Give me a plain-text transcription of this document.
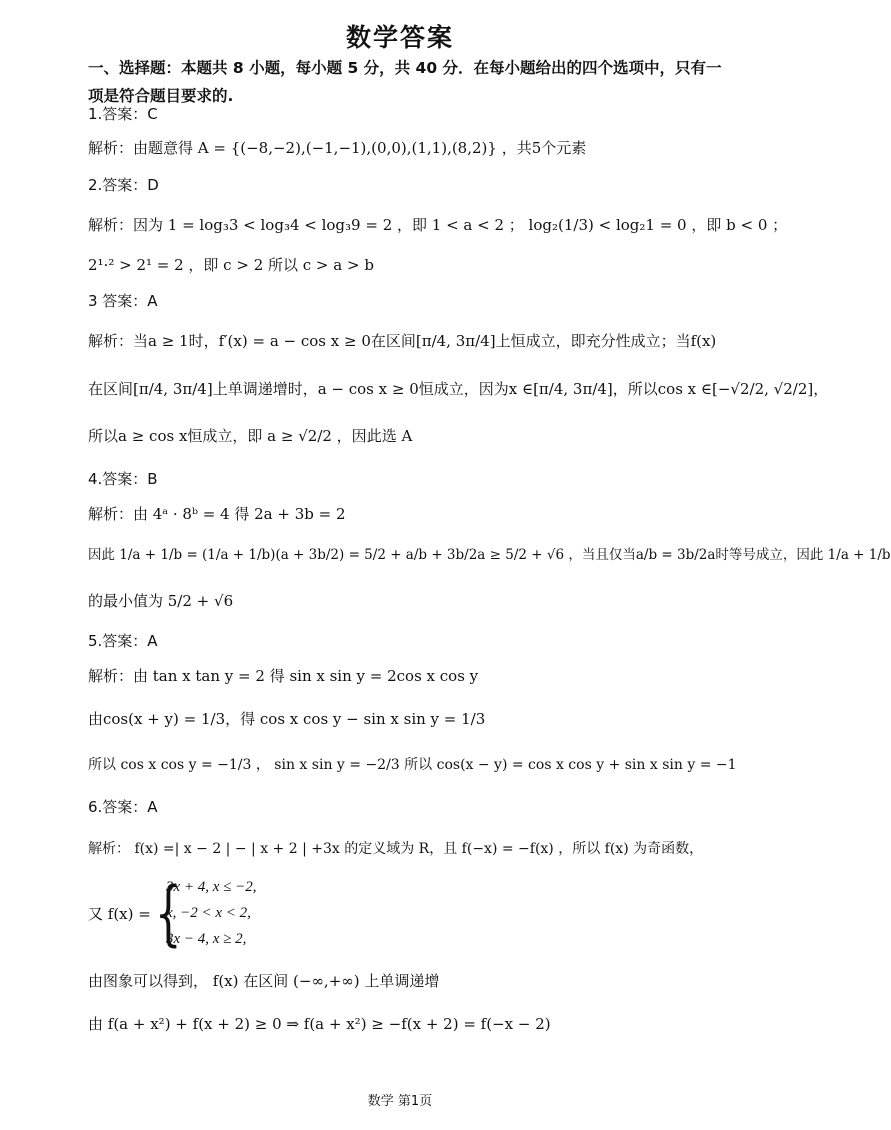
数学答案
一、选择题：本题共 8 小题，每小题 5 分，共 40 分．在每小题给出的四个选项中，只有一
项是符合题目要求的.
1.答案：C
解析：由题意得 A = {(−8,−2),(−1,−1),(0,0),(1,1),(8,2)} ，共5个元素
2.答案：D
解析：因为 1 = log₃3 < log₃4 < log₃9 = 2 ，即 1 < a < 2 ； log₂(1/3) < log₂1 = 0 ，即 b < 0 ；
2¹·² > 2¹ = 2 ，即 c > 2 所以 c > a > b
3 答案：A
解析：当a ≥ 1时，f′(x) = a − cos x ≥ 0在区间[π/4, 3π/4]上恒成立，即充分性成立；当f(x)
在区间[π/4, 3π/4]上单调递增时，a − cos x ≥ 0恒成立，因为x ∈[π/4, 3π/4]，所以cos x ∈[−√2/2, √2/2]，
所以a ≥ cos x恒成立，即 a ≥ √2/2 ，因此选 A
4.答案：B
解析：由 4ᵃ · 8ᵇ = 4 得 2a + 3b = 2
因此 1/a + 1/b = (1/a + 1/b)(a + 3b/2) = 5/2 + a/b + 3b/2a ≥ 5/2 + √6 ，当且仅当a/b = 3b/2a时等号成立，因此 1/a + 1/b
的最小值为 5/2 + √6
5.答案：A
解析：由 tan x tan y = 2 得 sin x sin y = 2cos x cos y
由cos(x + y) = 1/3，得 cos x cos y − sin x sin y = 1/3
所以 cos x cos y = −1/3 ， sin x sin y = −2/3 所以 cos(x − y) = cos x cos y + sin x sin y = −1
6.答案：A
解析： f(x) =| x − 2 | − | x + 2 | +3x 的定义域为 R，且 f(−x) = −f(x) ，所以 f(x) 为奇函数，
又 f(x) = {
3x + 4, x ≤ −2,
x, −2 < x < 2,
3x − 4, x ≥ 2,
由图象可以得到， f(x) 在区间 (−∞,+∞) 上单调递增
由 f(a + x²) + f(x + 2) ≥ 0 ⇒ f(a + x²) ≥ −f(x + 2) = f(−x − 2)
数学 第1页
